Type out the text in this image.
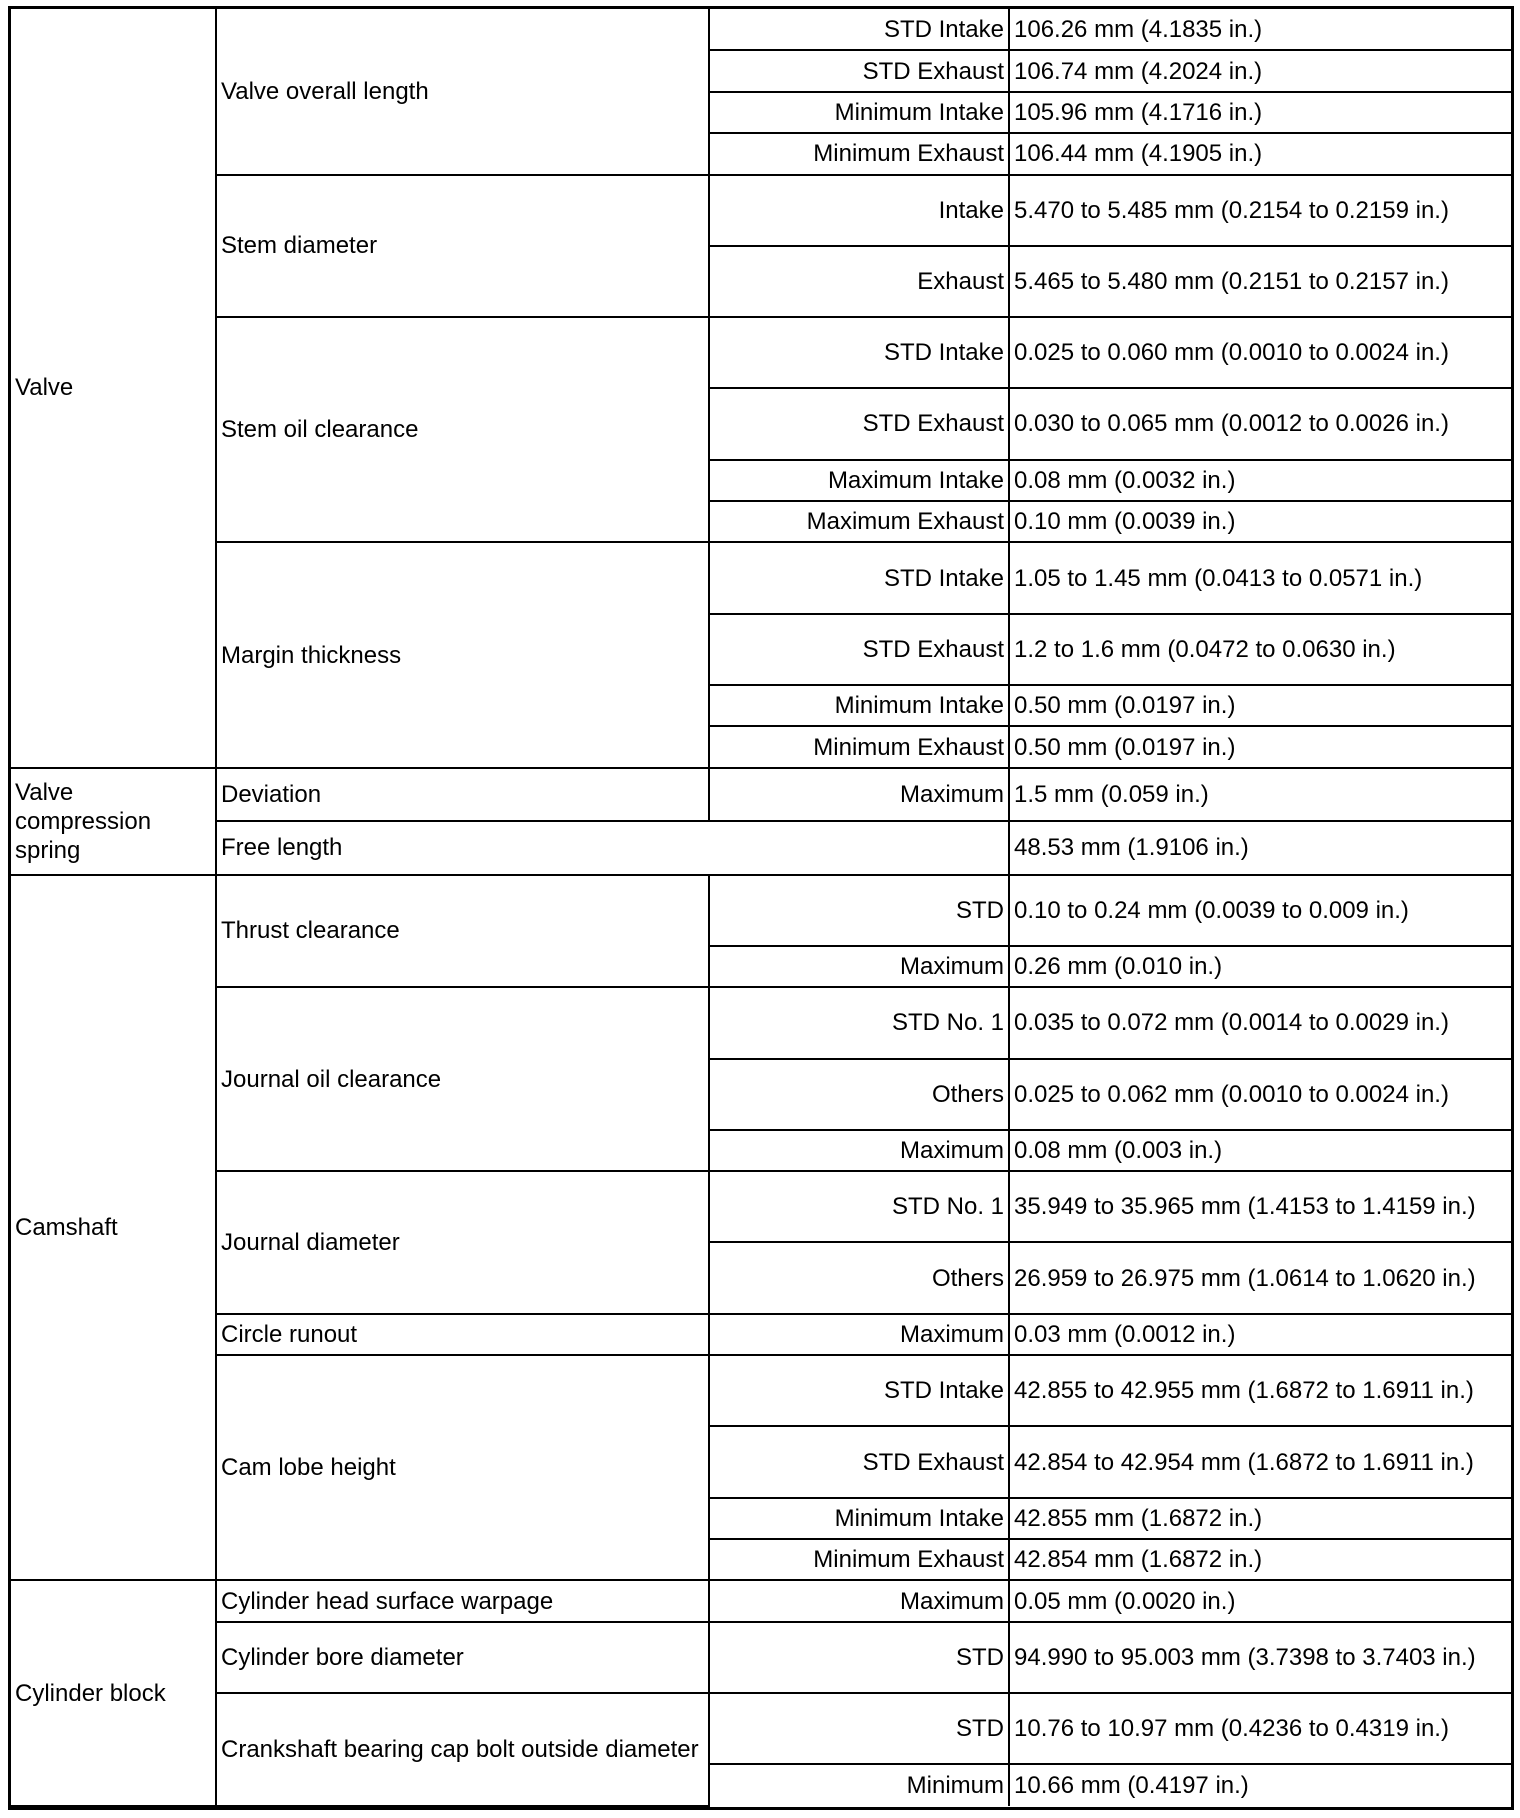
Valve	Valve overall length	STD Intake	106.26 mm (4.1835 in.)
		STD Exhaust	106.74 mm (4.2024 in.)
		Minimum Intake	105.96 mm (4.1716 in.)
		Minimum Exhaust	106.44 mm (4.1905 in.)
	Stem diameter	Intake	5.470 to 5.485 mm (0.2154 to 0.2159 in.)
		Exhaust	5.465 to 5.480 mm (0.2151 to 0.2157 in.)
	Stem oil clearance	STD Intake	0.025 to 0.060 mm (0.0010 to 0.0024 in.)
		STD Exhaust	0.030 to 0.065 mm (0.0012 to 0.0026 in.)
		Maximum Intake	0.08 mm (0.0032 in.)
		Maximum Exhaust	0.10 mm (0.0039 in.)
	Margin thickness	STD Intake	1.05 to 1.45 mm (0.0413 to 0.0571 in.)
		STD Exhaust	1.2 to 1.6 mm (0.0472 to 0.0630 in.)
		Minimum Intake	0.50 mm (0.0197 in.)
		Minimum Exhaust	0.50 mm (0.0197 in.)
Valve compression spring	Deviation	Maximum	1.5 mm (0.059 in.)
	Free length		48.53 mm (1.9106 in.)
Camshaft	Thrust clearance	STD	0.10 to 0.24 mm (0.0039 to 0.009 in.)
		Maximum	0.26 mm (0.010 in.)
	Journal oil clearance	STD No. 1	0.035 to 0.072 mm (0.0014 to 0.0029 in.)
		Others	0.025 to 0.062 mm (0.0010 to 0.0024 in.)
		Maximum	0.08 mm (0.003 in.)
	Journal diameter	STD No. 1	35.949 to 35.965 mm (1.4153 to 1.4159 in.)
		Others	26.959 to 26.975 mm (1.0614 to 1.0620 in.)
	Circle runout	Maximum	0.03 mm (0.0012 in.)
	Cam lobe height	STD Intake	42.855 to 42.955 mm (1.6872 to 1.6911 in.)
		STD Exhaust	42.854 to 42.954 mm (1.6872 to 1.6911 in.)
		Minimum Intake	42.855 mm (1.6872 in.)
		Minimum Exhaust	42.854 mm (1.6872 in.)
Cylinder block	Cylinder head surface warpage	Maximum	0.05 mm (0.0020 in.)
	Cylinder bore diameter	STD	94.990 to 95.003 mm (3.7398 to 3.7403 in.)
	Crankshaft bearing cap bolt outside diameter	STD	10.76 to 10.97 mm (0.4236 to 0.4319 in.)
		Minimum	10.66 mm (0.4197 in.)
